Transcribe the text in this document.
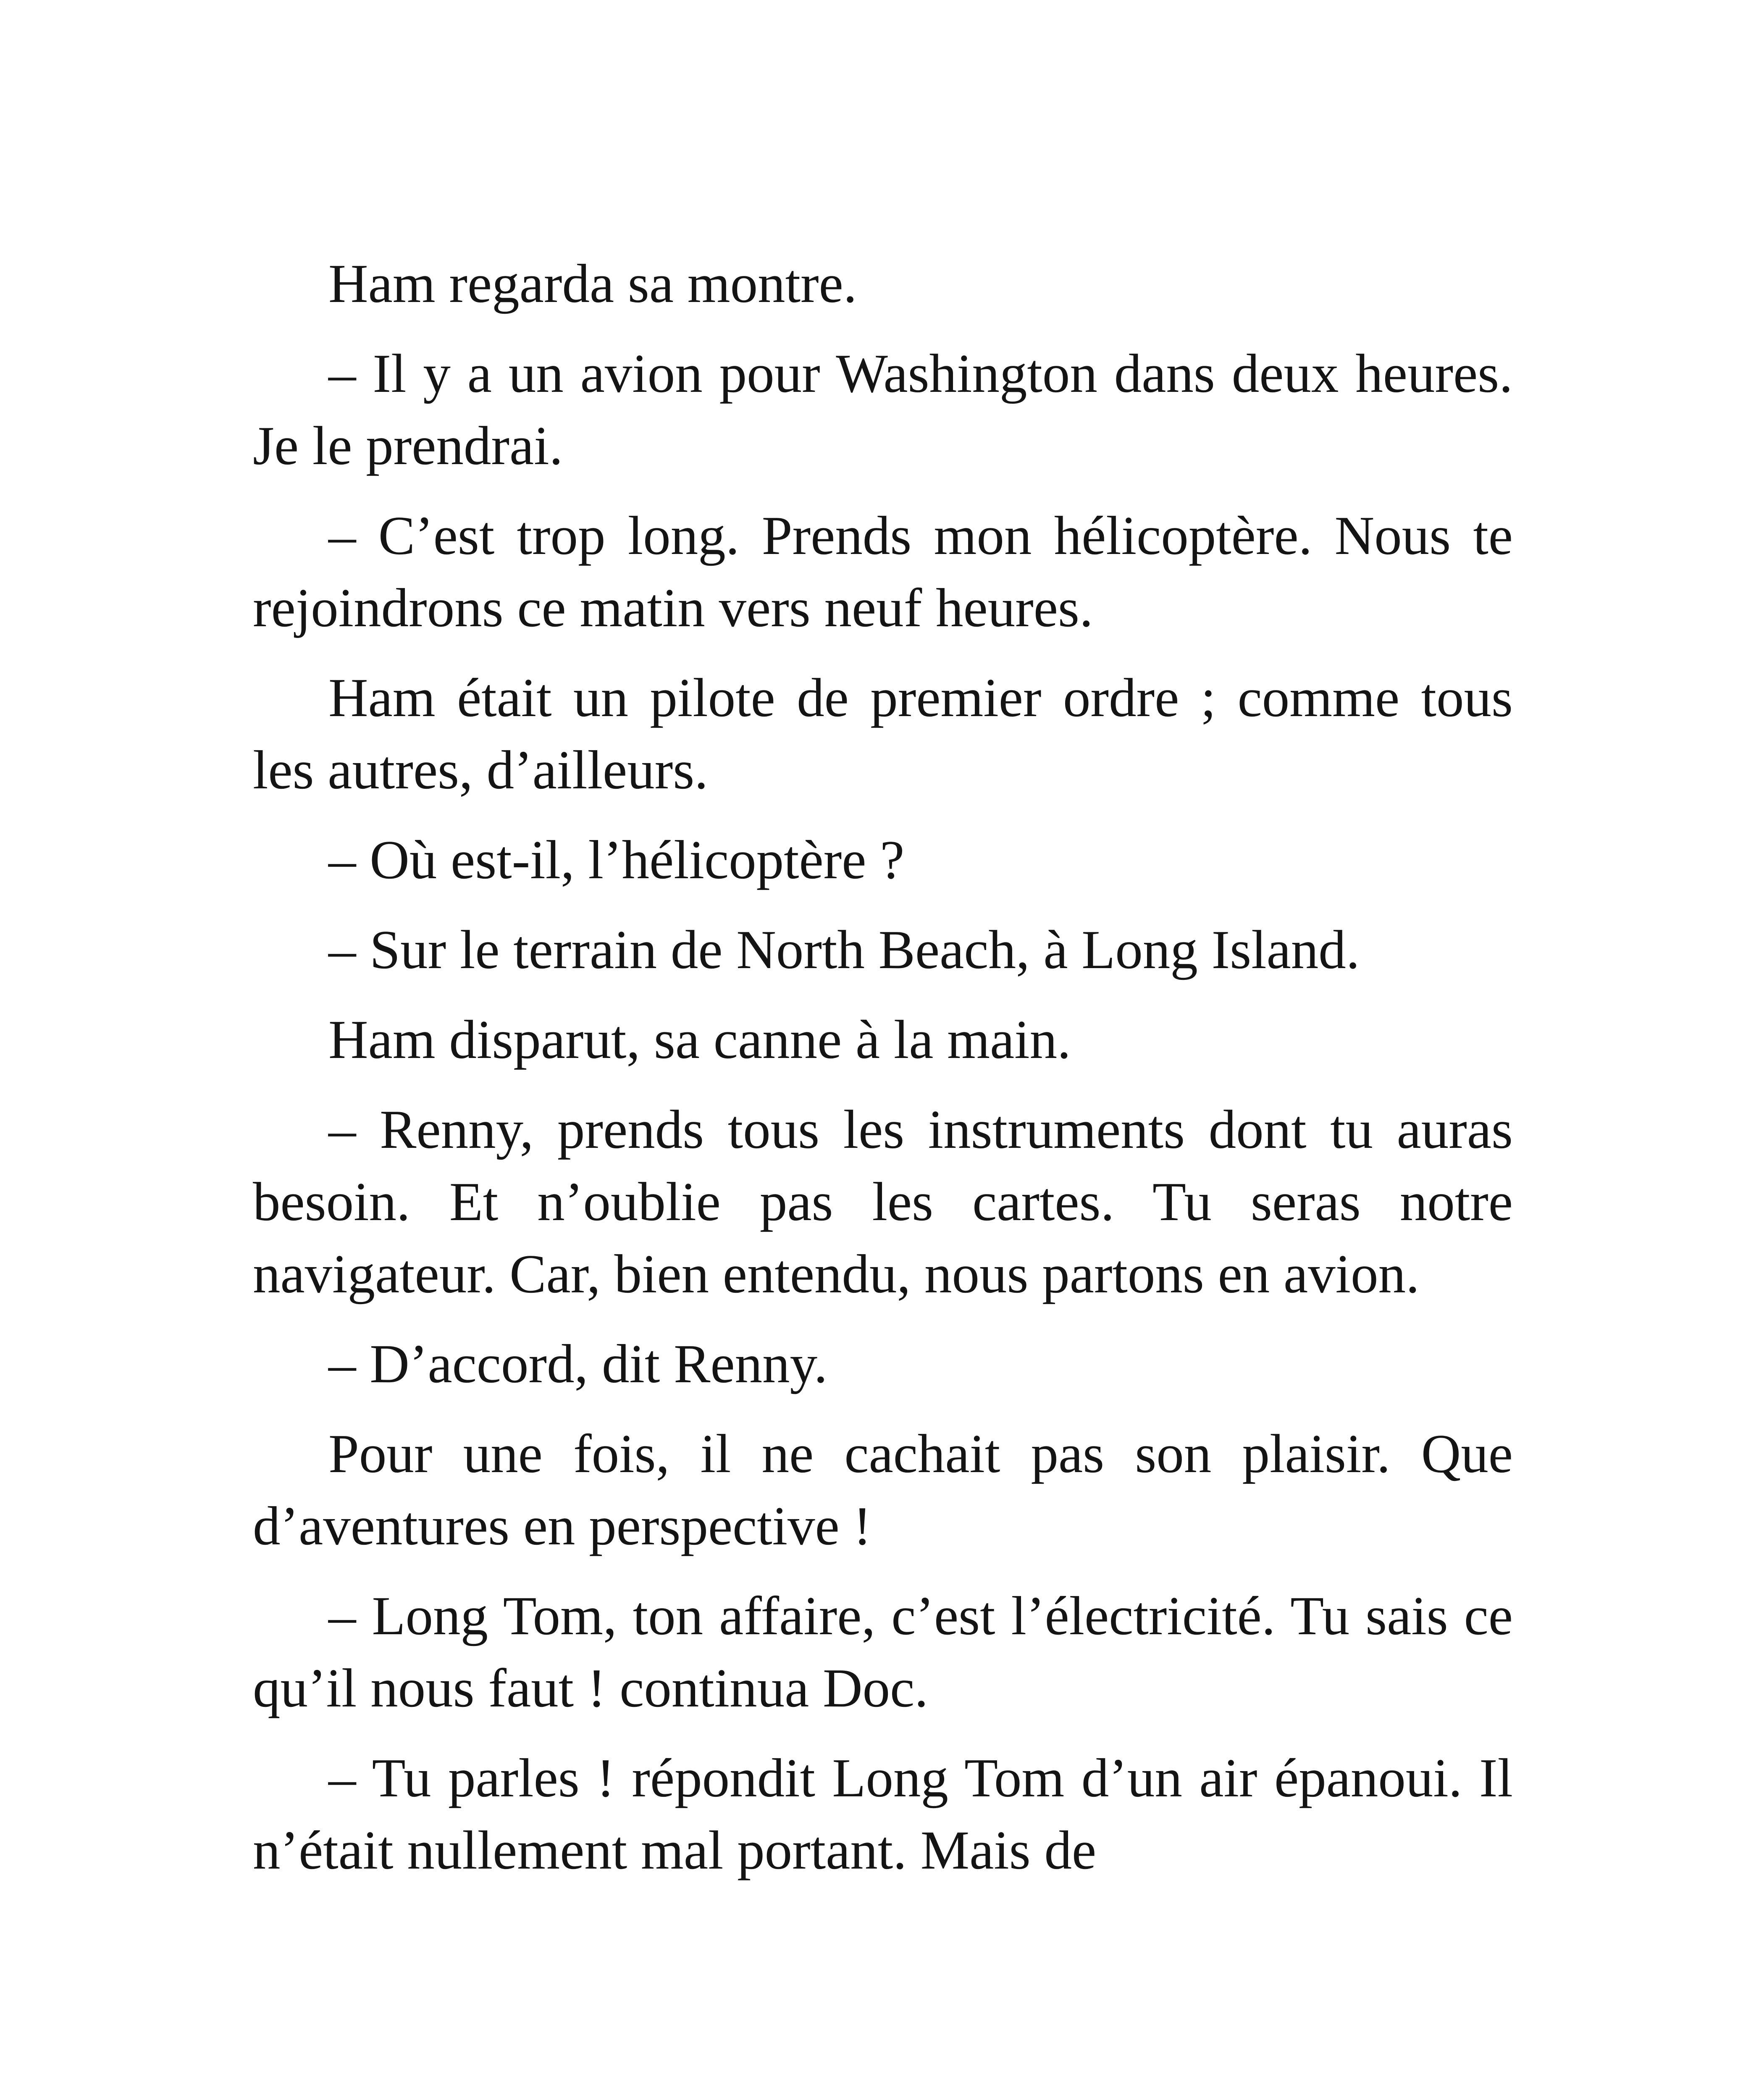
Ham regarda sa montre.

– Il y a un avion pour Washington dans deux heures. Je le prendrai.

– C’est trop long. Prends mon hélicoptère. Nous te rejoindrons ce matin vers neuf heures.

Ham était un pilote de premier ordre ; comme tous les autres, d’ailleurs.

– Où est-il, l’hélicoptère ?

– Sur le terrain de North Beach, à Long Island.

Ham disparut, sa canne à la main.

– Renny, prends tous les instruments dont tu auras besoin. Et n’oublie pas les cartes. Tu seras notre navigateur. Car, bien entendu, nous partons en avion.

– D’accord, dit Renny.

Pour une fois, il ne cachait pas son plaisir. Que d’aventures en perspective !

– Long Tom, ton affaire, c’est l’électricité. Tu sais ce qu’il nous faut ! continua Doc.

– Tu parles ! répondit Long Tom d’un air épanoui. Il n’était nullement mal portant. Mais de
